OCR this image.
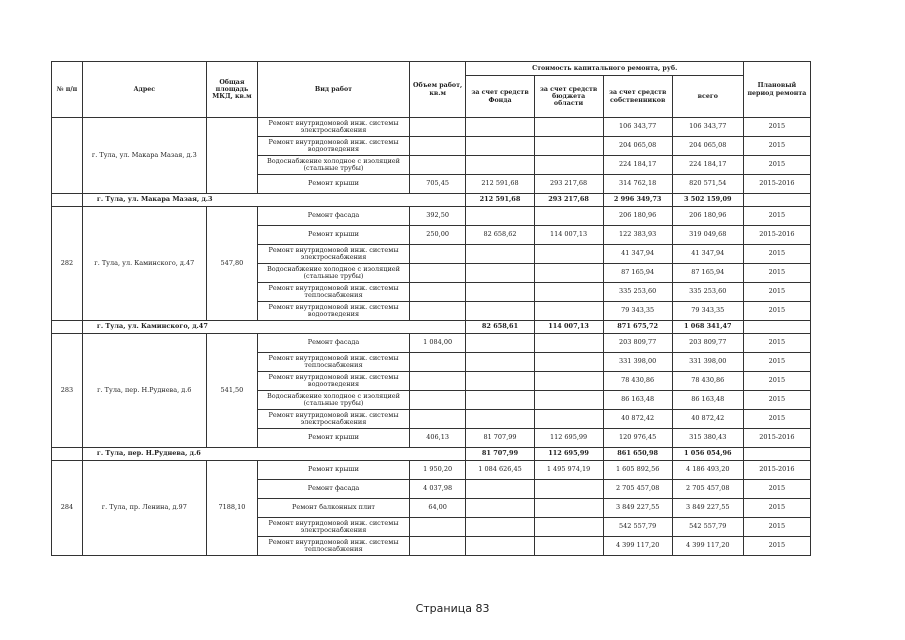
№ п/п	Адрес	Общая площадь МКД, кв.м	Вид работ	Объем работ, кв.м	Стоимость капитального ремонта, руб.				Плановый период ремонта
					за счет средств Фонда	за счет средств бюджета области	за счет средств собственников	всего	
	г. Тула, ул. Макара Мазая, д.3		Ремонт внутридомовой инж. системы электроснабжения				106 343,77	106 343,77	2015
			Ремонт внутридомовой инж. системы водоотведения				204 065,08	204 065,08	2015
			Водоснабжение холодное с изоляцией (стальные трубы)				224 184,17	224 184,17	2015
			Ремонт крыши	705,45	212 591,68	293 217,68	314 762,18	820 571,54	2015-2016
	г. Тула, ул. Макара Мазая, д.3				212 591,68	293 217,68	2 996 349,73	3 502 159,09	
282	г. Тула, ул. Каминского, д.47	547,80	Ремонт фасада	392,50			206 180,96	206 180,96	2015
			Ремонт крыши	250,00	82 658,62	114 007,13	122 383,93	319 049,68	2015-2016
			Ремонт внутридомовой инж. системы электроснабжения				41 347,94	41 347,94	2015
			Водоснабжение холодное с изоляцией (стальные трубы)				87 165,94	87 165,94	2015
			Ремонт внутридомовой инж. системы теплоснабжения				335 253,60	335 253,60	2015
			Ремонт внутридомовой инж. системы водоотведения				79 343,35	79 343,35	2015
	г. Тула, ул. Каминского, д.47				82 658,61	114 007,13	871 675,72	1 068 341,47	
283	г. Тула, пер. Н.Руднева, д.6	541,50	Ремонт фасада	1 084,00			203 809,77	203 809,77	2015
			Ремонт внутридомовой инж. системы теплоснабжения				331 398,00	331 398,00	2015
			Ремонт внутридомовой инж. системы водоотведения				78 430,86	78 430,86	2015
			Водоснабжение холодное с изоляцией (стальные трубы)				86 163,48	86 163,48	2015
			Ремонт внутридомовой инж. системы электроснабжения				40 872,42	40 872,42	2015
			Ремонт крыши	406,13	81 707,99	112 695,99	120 976,45	315 380,43	2015-2016
	г. Тула, пер. Н.Руднева, д.6				81 707,99	112 695,99	861 650,98	1 056 054,96	
284	г. Тула, пр. Ленина, д.97	7188,10	Ремонт крыши	1 950,20	1 084 626,45	1 495 974,19	1 605 892,56	4 186 493,20	2015-2016
			Ремонт фасада	4 037,98			2 705 457,08	2 705 457,08	2015
			Ремонт балконных плит	64,00			3 849 227,55	3 849 227,55	2015
			Ремонт внутридомовой инж. системы электроснабжения				542 557,79	542 557,79	2015
			Ремонт внутридомовой инж. системы теплоснабжения				4 399 117,20	4 399 117,20	2015
Страница 83
